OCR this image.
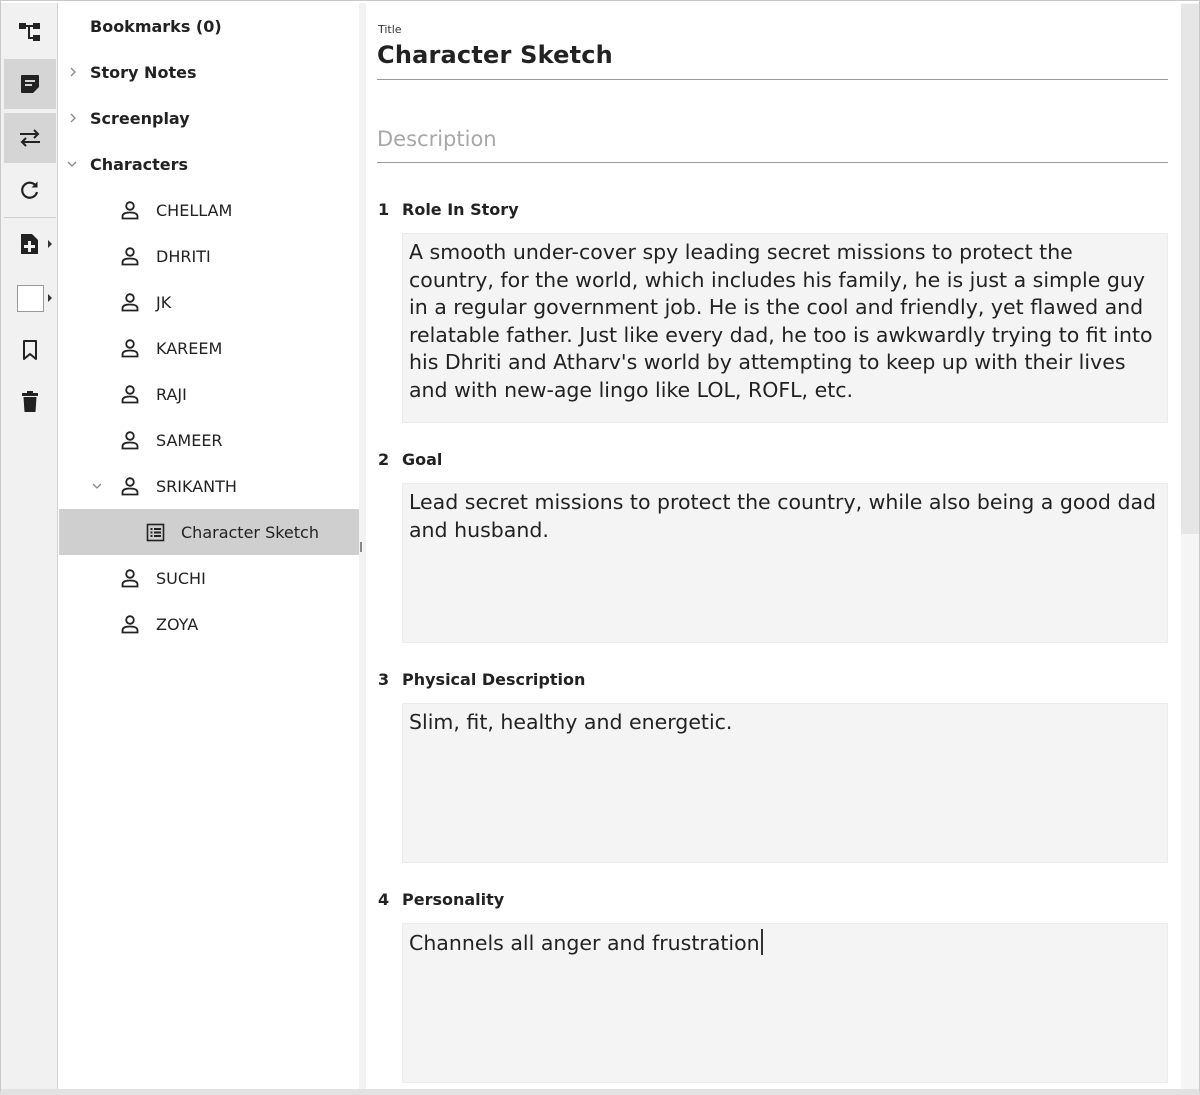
Bookmarks (0)
Story Notes
Screenplay
Characters
CHELLAM
DHRITI
JK
KAREEM
RAJI
SAMEER
SRIKANTH
Character Sketch
SUCHI
ZOYA
Title
Character Sketch
Description
1 Role In Story
A smooth under-cover spy leading secret missions to protect the country, for the world, which includes his family, he is just a simple guy in a regular government job. He is the cool and friendly, yet flawed and relatable father. Just like every dad, he too is awkwardly trying to fit into his Dhriti and Atharv's world by attempting to keep up with their lives and with new-age lingo like LOL, ROFL, etc.
2 Goal
Lead secret missions to protect the country, while also being a good dad and husband.
3 Physical Description
Slim, fit, healthy and energetic.
4 Personality
Channels all anger and frustration
